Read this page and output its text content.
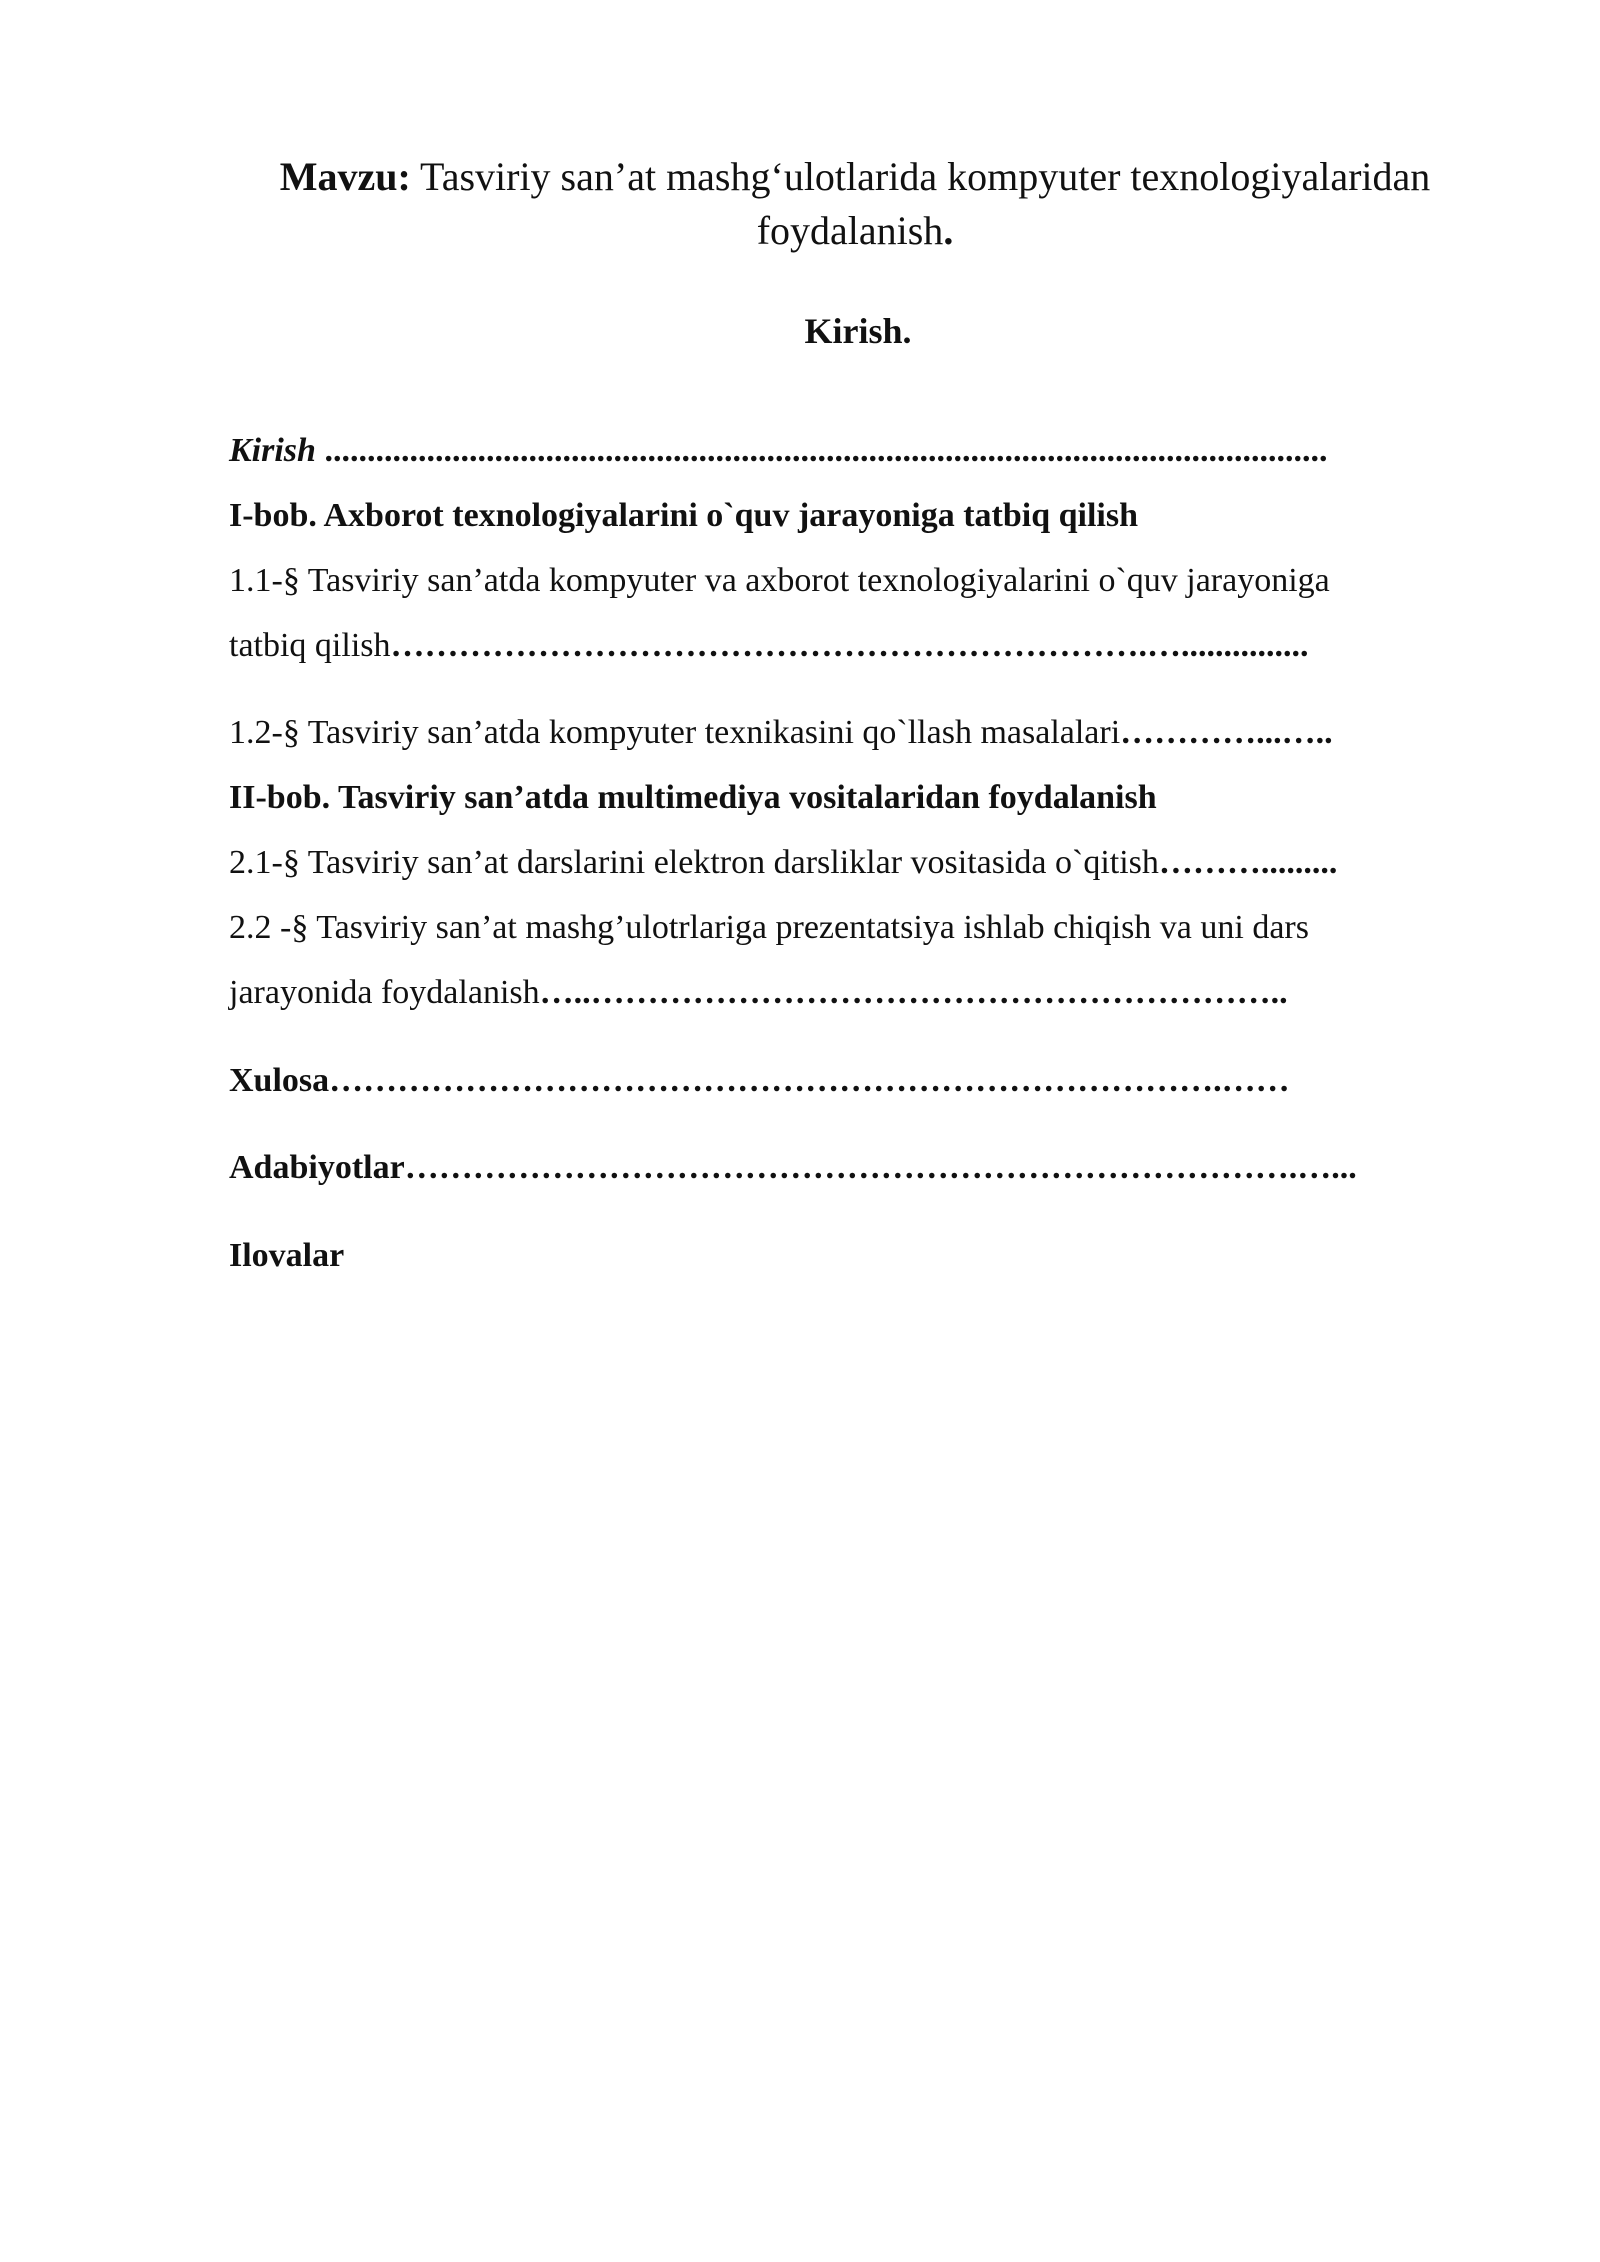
Mavzu: Tasviriy san’at mashg‘ulotlarida kompyuter texnologiyalaridan
foydalanish.
Kirish.
Kirish ......................................................................................................................
I-bob. Axborot texnologiyalarini o`quv jarayoniga tatbiq qilish
1.1-§ Tasviriy san’atda kompyuter va axborot texnologiyalarini o`quv jarayoniga
tatbiq qilish………………………………………………………….…...............
1.2-§ Tasviriy san’atda kompyuter texnikasini qo`llash masalalari…………...…..
II-bob. Tasviriy san’atda multimediya vositalaridan foydalanish
2.1-§ Tasviriy san’at darslarini elektron darsliklar vositasida o`qitish……….........
2.2 -§ Tasviriy san’at mashg’ulotrlariga prezentatsiya ishlab chiqish va uni dars
jarayonida foydalanish…..……………………………………………………..
Xulosa…………………………………………………………………….……
Adabiyotlar…………………………………………………………………….…...
Ilovalar
